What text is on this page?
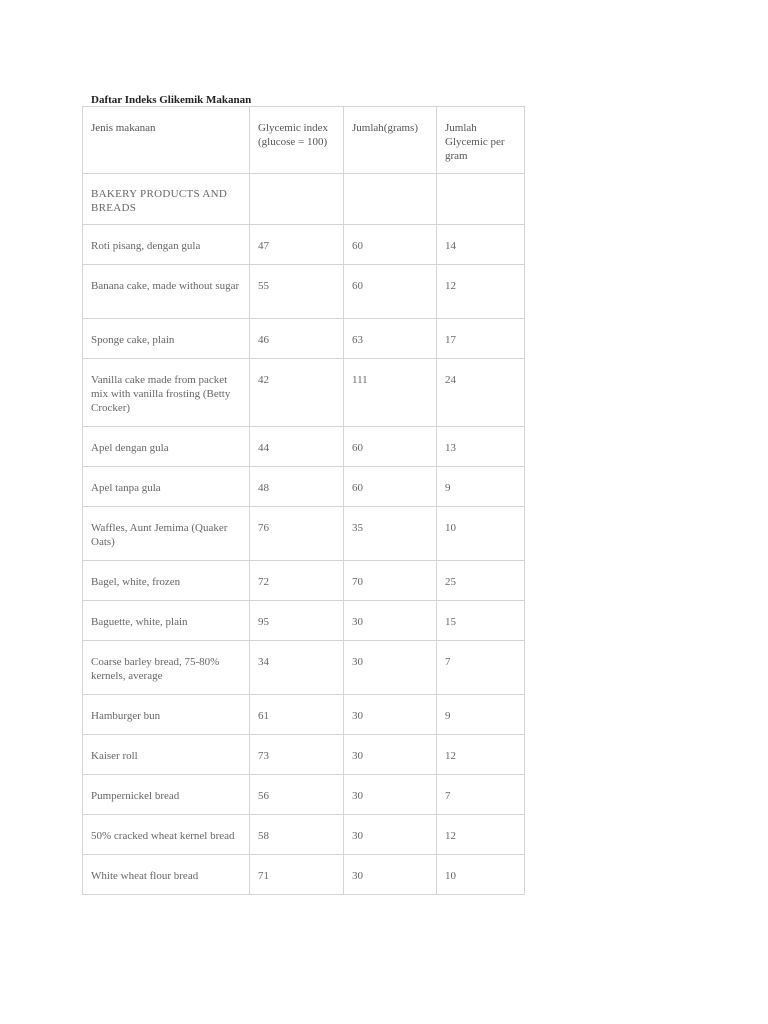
Daftar Indeks Glikemik Makanan
Jenis makanan	Glycemic index (glucose = 100)	Jumlah(grams)	Jumlah Glycemic per gram
BAKERY PRODUCTS AND BREADS			
Roti pisang, dengan gula	47	60	14
Banana cake, made without sugar	55	60	12
Sponge cake, plain	46	63	17
Vanilla cake made from packet mix with vanilla frosting (Betty Crocker)	42	111	24
Apel dengan gula	44	60	13
Apel tanpa gula	48	60	9
Waffles, Aunt Jemima (Quaker Oats)	76	35	10
Bagel, white, frozen	72	70	25
Baguette, white, plain	95	30	15
Coarse barley bread, 75-80% kernels, average	34	30	7
Hamburger bun	61	30	9
Kaiser roll	73	30	12
Pumpernickel bread	56	30	7
50% cracked wheat kernel bread	58	30	12
White wheat flour bread	71	30	10
